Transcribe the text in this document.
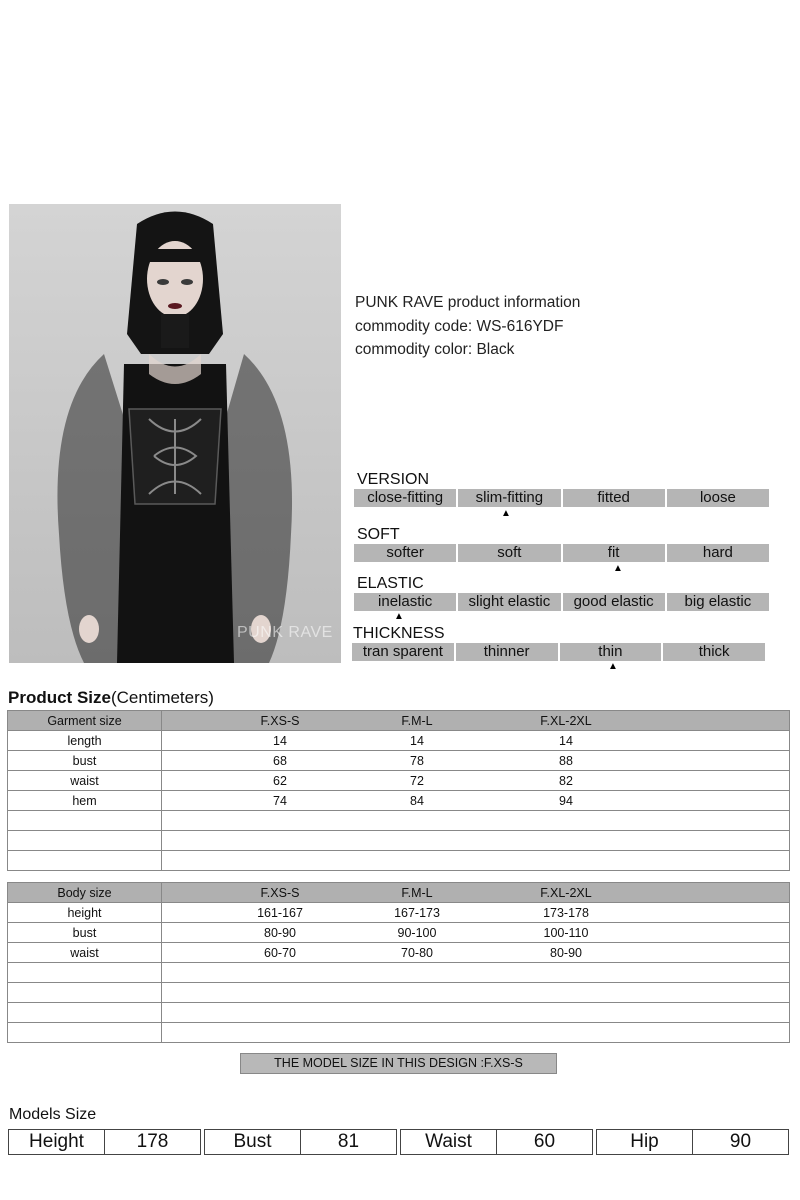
PUNK RAVE
PUNK RAVE product information
commodity code: WS-616YDF
commodity color: Black
VERSION
close-fitting	slim-fitting	fitted	loose
▲
SOFT
softer	soft	fit	hard
▲
ELASTIC
inelastic	slight elastic	good elastic	big elastic
▲
THICKNESS
tran sparent	thinner	thin	thick
▲
Product Size(Centimeters)
Garment size	F.XS-S F.M-L F.XL-2XL

length	14 14 14

bust	68 78 88

waist	62 72 82

hem	74 84 94

Body size	F.XS-S F.M-L F.XL-2XL

height	161-167 167-173 173-178

bust	80-90 90-100 100-110

waist	60-70 70-80 80-90

THE MODEL SIZE IN THIS DESIGN :F.XS-S
Models Size
Height	178	Bust	81	Waist	60	Hip	90
